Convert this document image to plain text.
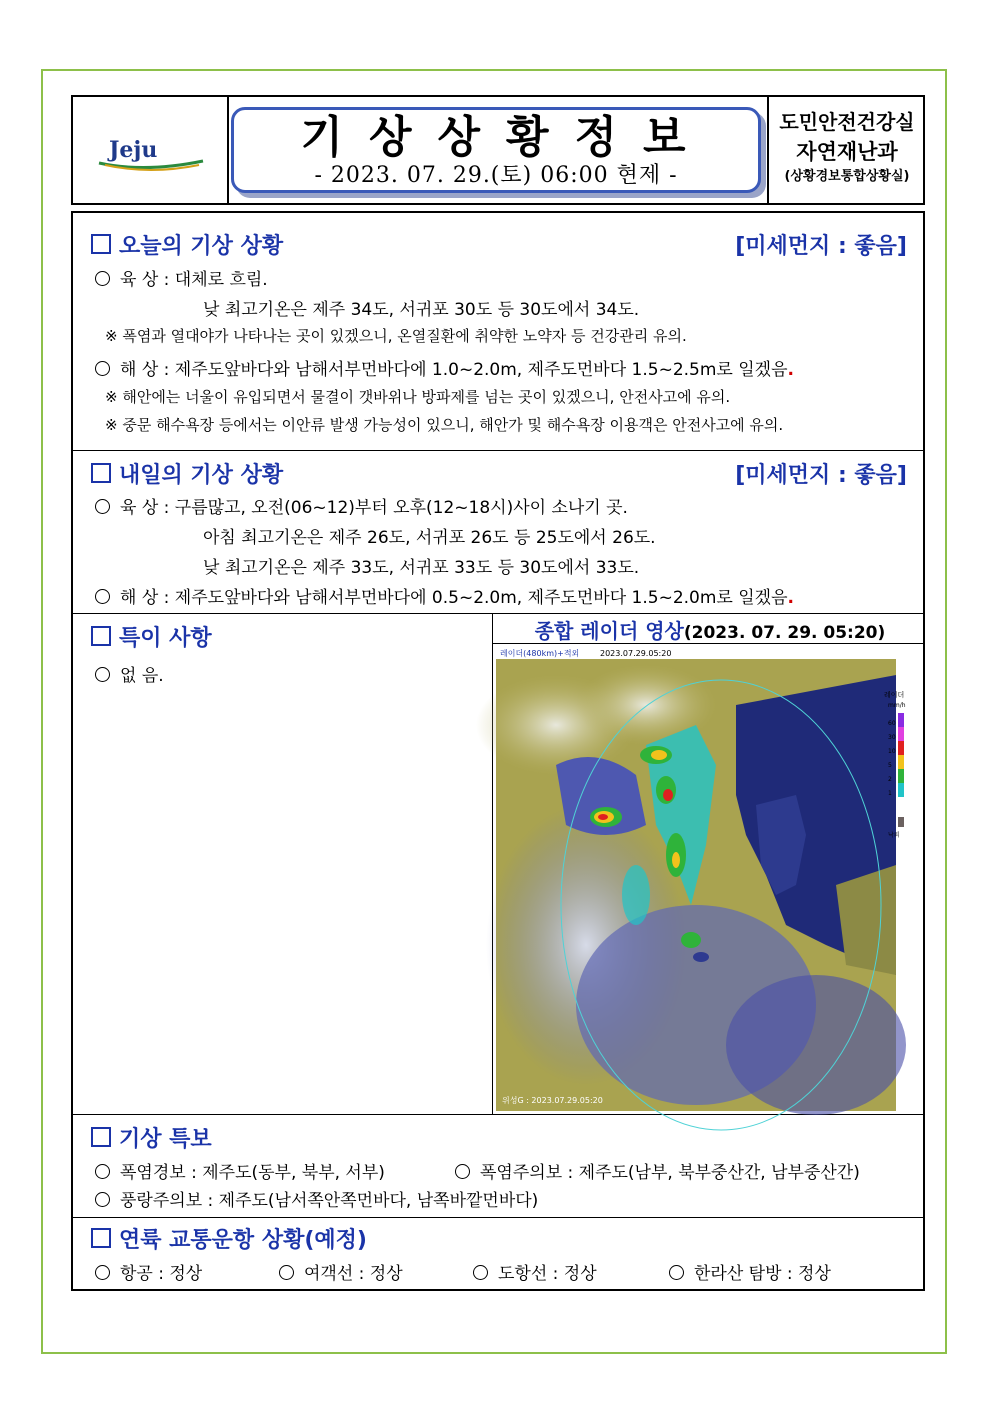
Jeju	기상상황정보
- 2023. 07. 29.(토) 06:00 현제 -
도민안전건강실
자연재난과
(상황경보통합상황실)
오늘의 기상 상황	[미세먼지 : 좋음]
육 상 : 대체로 흐림.
낮 최고기온은 제주 34도, 서귀포 30도 등 30도에서 34도.
※ 폭염과 열대야가 나타나는 곳이 있겠으니, 온열질환에 취약한 노약자 등 건강관리 유의.
해 상 : 제주도앞바다와 남해서부먼바다에 1.0~2.0m, 제주도먼바다 1.5~2.5m로 일겠음.
※ 해안에는 너울이 유입되면서 물결이 갯바위나 방파제를 넘는 곳이 있겠으니, 안전사고에 유의.
※ 중문 해수욕장 등에서는 이안류 발생 가능성이 있으니, 해안가 및 해수욕장 이용객은 안전사고에 유의.
내일의 기상 상황	[미세먼지 : 좋음]
육 상 : 구름많고, 오전(06~12)부터 오후(12~18시)사이 소나기 곳.
아침 최고기온은 제주 26도, 서귀포 26도 등 25도에서 26도.
낮 최고기온은 제주 33도, 서귀포 33도 등 30도에서 33도.
해 상 : 제주도앞바다와 남해서부먼바다에 0.5~2.0m, 제주도먼바다 1.5~2.0m로 일겠음.
특이 사항
없 음.
종합 레이더 영상(2023. 07. 29. 05:20)
레이더(480km)+적외	2023.07.29.05:20
레이더
mm/h
60
30
10
5
2
1
낙뢰
위성G : 2023.07.29.05:20
기상 특보
폭염경보 : 제주도(동부, 북부, 서부)	폭염주의보 : 제주도(남부, 북부중산간, 남부중산간)
풍랑주의보 : 제주도(남서쪽안쪽먼바다, 남쪽바깥먼바다)
연륙 교통운항 상황(예정)
항공 : 정상	여객선 : 정상	도항선 : 정상	한라산 탐방 : 정상
